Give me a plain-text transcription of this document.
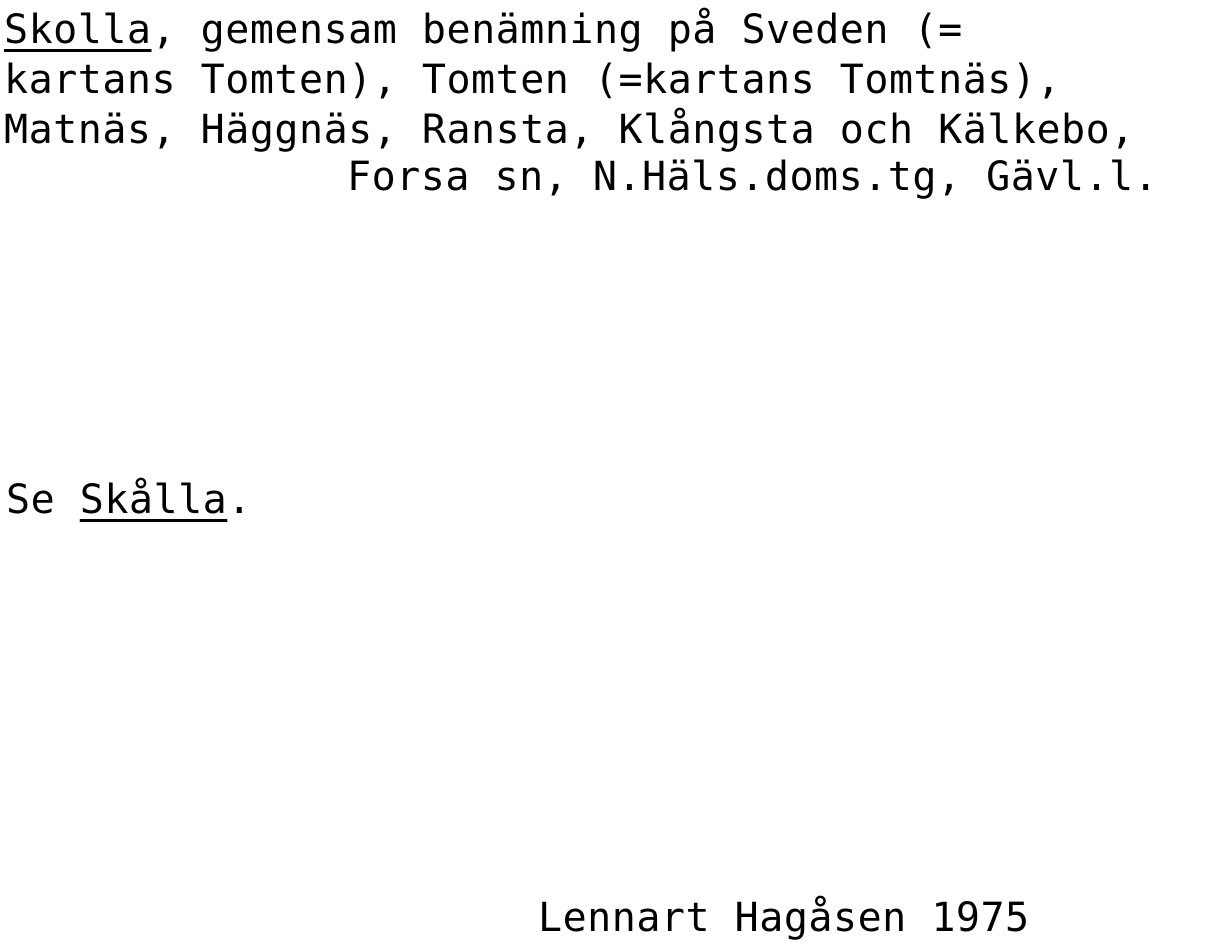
Skolla, gemensam benämning på Sveden (=
kartans Tomten), Tomten (=kartans Tomtnäs),
Matnäs, Häggnäs, Ransta, Klångsta och Kälkebo,
Forsa sn, N.Häls.doms.tg, Gävl.l.
Se Skålla.
Lennart Hagåsen 1975
